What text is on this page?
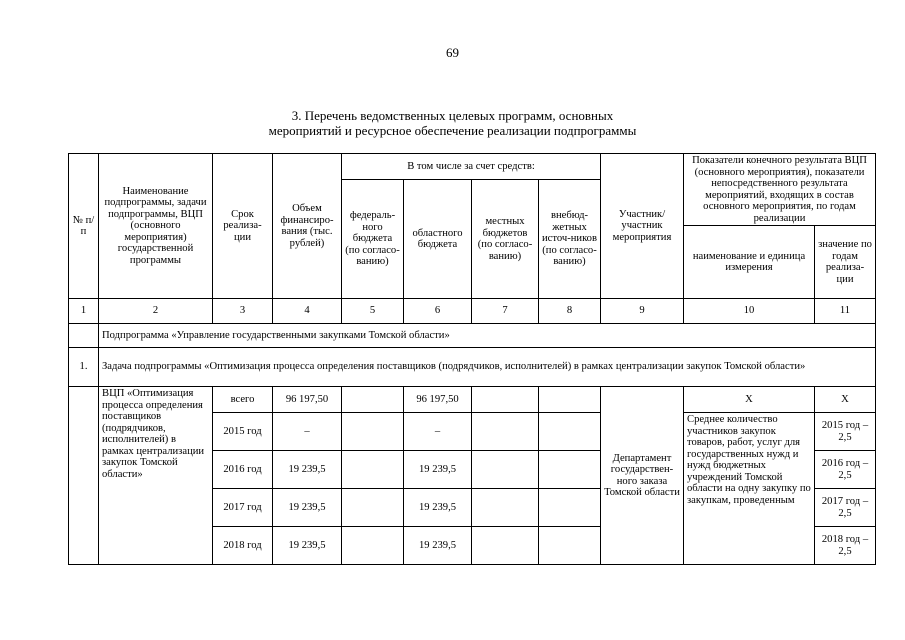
69
3. Перечень ведомственных целевых программ, основных
мероприятий и ресурсное обеспечение реализации подпрограммы
№ п/п	Наименование подпрограммы, задачи подпрограммы, ВЦП (основного мероприятия) государственной программы	Срок реализа-ции	Объем финансиро-вания (тыс. рублей)	В том числе за счет средств:				Участник/ участник мероприятия	Показатели конечного результата ВЦП (основного мероприятия), показатели непосредственного результата мероприятий, входящих в состав основного мероприятия, по годам реализации	
				федераль-ного бюджета (по согласо-ванию)	областного бюджета	местных бюджетов (по согласо-ванию)	внебюд-жетных источ-ников (по согласо-ванию)			
									наименование и единица измерения	значение по годам реализа-ции
1	2	3	4	5	6	7	8	9	10	11
	Подпрограмма «Управление государственными закупками Томской области»									
1.	Задача подпрограммы «Оптимизация процесса определения поставщиков (подрядчиков, исполнителей) в рамках централизации закупок Томской области»									
	ВЦП «Оптимизация процесса определения поставщиков (подрядчиков, исполнителей) в рамках централизации закупок Томской области»	всего	96 197,50		96 197,50			Департамент государствен-ного заказа Томской области	X	X
		2015 год	–		–				Среднее количество участников закупок товаров, работ, услуг для государственных нужд и нужд бюджетных учреждений Томской области на одну закупку по закупкам, проведенным	2015 год – 2,5
		2016 год	19 239,5		19 239,5					2016 год – 2,5
		2017 год	19 239,5		19 239,5					2017 год – 2,5
		2018 год	19 239,5		19 239,5					2018 год – 2,5
